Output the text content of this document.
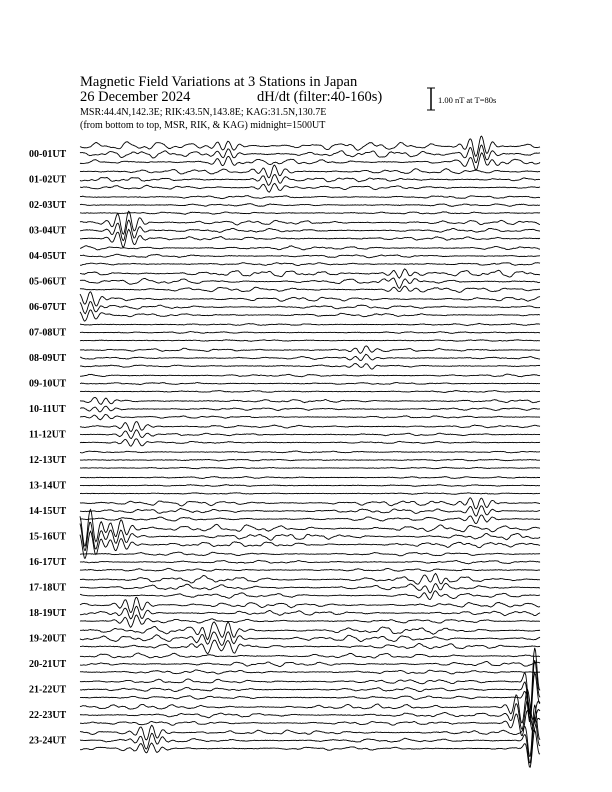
Magnetic Field Variations at 3 Stations in Japan
26 December 2024	dH/dt (filter:40-160s)
MSR:44.4N,142.3E; RIK:43.5N,143.8E; KAG:31.5N,130.7E
(from bottom to top, MSR, RIK, & KAG) midnight=1500UT
1.00 nT at T=80s
00-01UT
01-02UT
02-03UT
03-04UT
04-05UT
05-06UT
06-07UT
07-08UT
08-09UT
09-10UT
10-11UT
11-12UT
12-13UT
13-14UT
14-15UT
15-16UT
16-17UT
17-18UT
18-19UT
19-20UT
20-21UT
21-22UT
22-23UT
23-24UT
